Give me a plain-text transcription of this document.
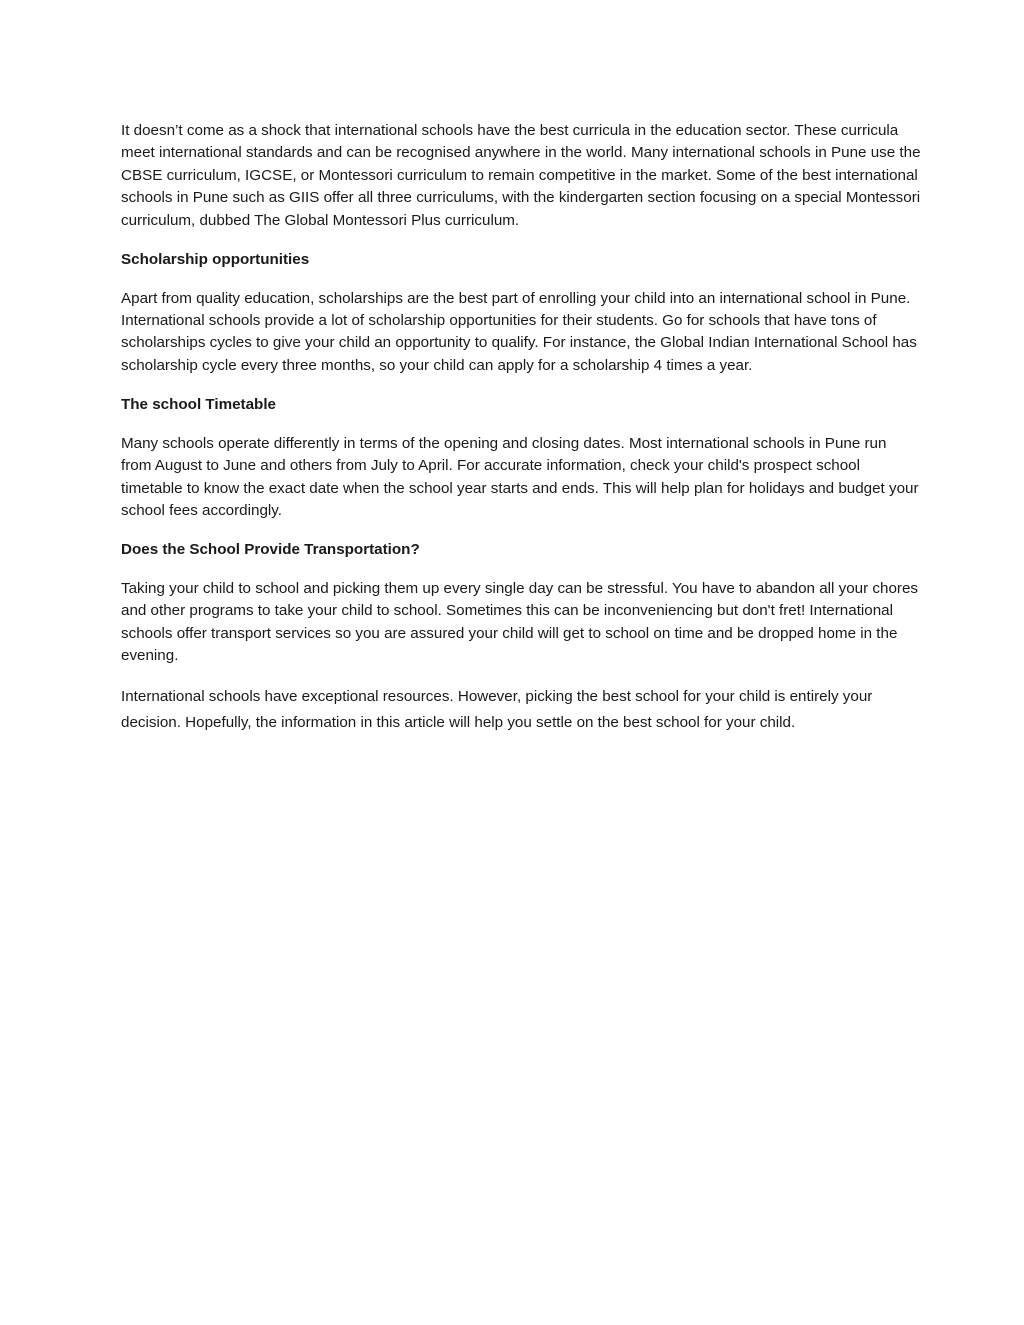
It doesn’t come as a shock that international schools have the best curricula in the education sector. These curricula meet international standards and can be recognised anywhere in the world. Many international schools in Pune use the CBSE curriculum, IGCSE, or Montessori curriculum to remain competitive in the market. Some of the best international schools in Pune such as GIIS offer all three curriculums, with the kindergarten section focusing on a special Montessori curriculum, dubbed The Global Montessori Plus curriculum.

Scholarship opportunities

Apart from quality education, scholarships are the best part of enrolling your child into an international school in Pune. International schools provide a lot of scholarship opportunities for their students. Go for schools that have tons of scholarships cycles to give your child an opportunity to qualify. For instance, the Global Indian International School has scholarship cycle every three months, so your child can apply for a scholarship 4 times a year.

The school Timetable

Many schools operate differently in terms of the opening and closing dates. Most international schools in Pune run from August to June and others from July to April. For accurate information, check your child's prospect school timetable to know the exact date when the school year starts and ends. This will help plan for holidays and budget your school fees accordingly.

Does the School Provide Transportation?

Taking your child to school and picking them up every single day can be stressful. You have to abandon all your chores and other programs to take your child to school. Sometimes this can be inconveniencing but don't fret! International schools offer transport services so you are assured your child will get to school on time and be dropped home in the evening.

International schools have exceptional resources. However, picking the best school for your child is entirely your decision. Hopefully, the information in this article will help you settle on the best school for your child.
